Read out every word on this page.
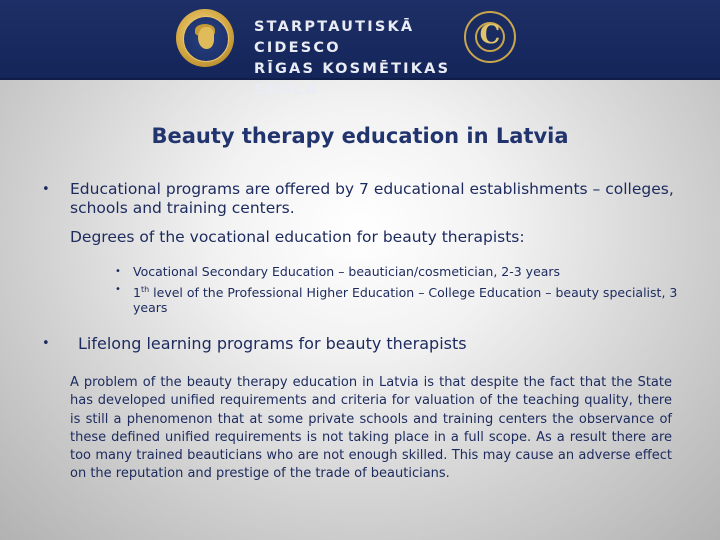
STARPTAUTISKĀ CIDESCO
RĪGAS KOSMĒTIKAS SKOLA
C
Beauty therapy education in Latvia
• Educational programs are offered by 7 educational establishments – colleges, schools and training centers.
Degrees of the vocational education for beauty therapists:
• Vocational Secondary Education – beautician/cosmetician, 2-3 years
• 1th level of the Professional Higher Education – College Education – beauty specialist, 3 years
• Lifelong learning programs for beauty therapists
A problem of the beauty therapy education in Latvia is that despite the fact that the State has developed unified requirements and criteria for valuation of the teaching quality, there is still a phenomenon that at some private schools and training centers the observance of these defined unified requirements is not taking place in a full scope. As a result there are too many trained beauticians who are not enough skilled. This may cause an adverse effect on the reputation and prestige of the trade of beauticians.
